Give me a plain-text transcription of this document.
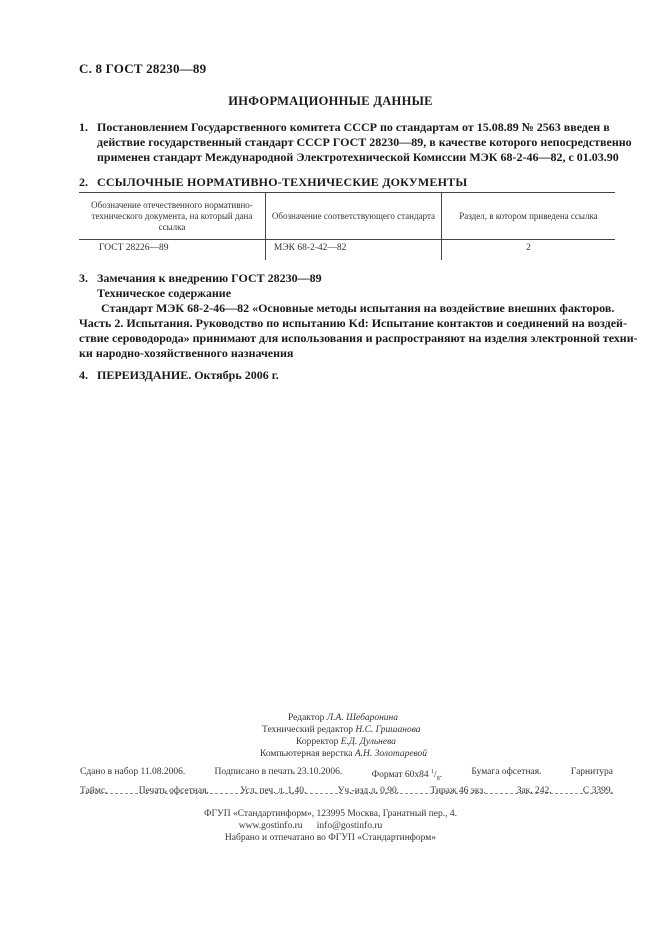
С. 8 ГОСТ 28230—89
ИНФОРМАЦИОННЫЕ ДАННЫЕ
1. Постановлением Государственного комитета СССР по стандартам от 15.08.89 № 2563 введен в
действие государственный стандарт СССР ГОСТ 28230—89, в качестве которого непосредственно
применен стандарт Международной Электротехнической Комиссии МЭК 68-2-46—82, с 01.03.90
2. ССЫЛОЧНЫЕ НОРМАТИВНО-ТЕХНИЧЕСКИЕ ДОКУМЕНТЫ
Обозначение отечественного нормативно-технического документа, на который дана ссылка	Обозначение соответствующего стандарта	Раздел, в котором приведена ссылка
ГОСТ 28226—89	МЭК 68-2-42—82	2
3. Замечания к внедрению ГОСТ 28230—89
Техническое содержание
Стандарт МЭК 68-2-46—82 «Основные методы испытания на воздействие внешних факторов.
Часть 2. Испытания. Руководство по испытанию Kd: Испытание контактов и соединений на воздей-
ствие сероводорода» принимают для использования и распространяют на изделия электронной техни-
ки народно-хозяйственного назначения
4. ПЕРЕИЗДАНИЕ. Октябрь 2006 г.
Редактор Л.А. Шебаронина
Технический редактор Н.С. Гришанова
Корректор Е.Д. Дульнева
Компьютерная верстка А.Н. Золотаревой
Сдано в набор 11.08.2006.	Подписано в печать 23.10.2006.	Формат 60x84 $^1/_8$.	Бумага офсетная.	Гарнитура
Таймс.	Печать офсетная.	Усл. печ. л. 1,40.	Уч.-изд.л. 0,90.	Тираж 46 экз.	Зак. 242.	С 3399.
ФГУП «Стандартинформ», 123995 Москва, Гранатный пер., 4.
www.gostinfo.ru info@gostinfo.ru
Набрано и отпечатано во ФГУП «Стандартинформ»
